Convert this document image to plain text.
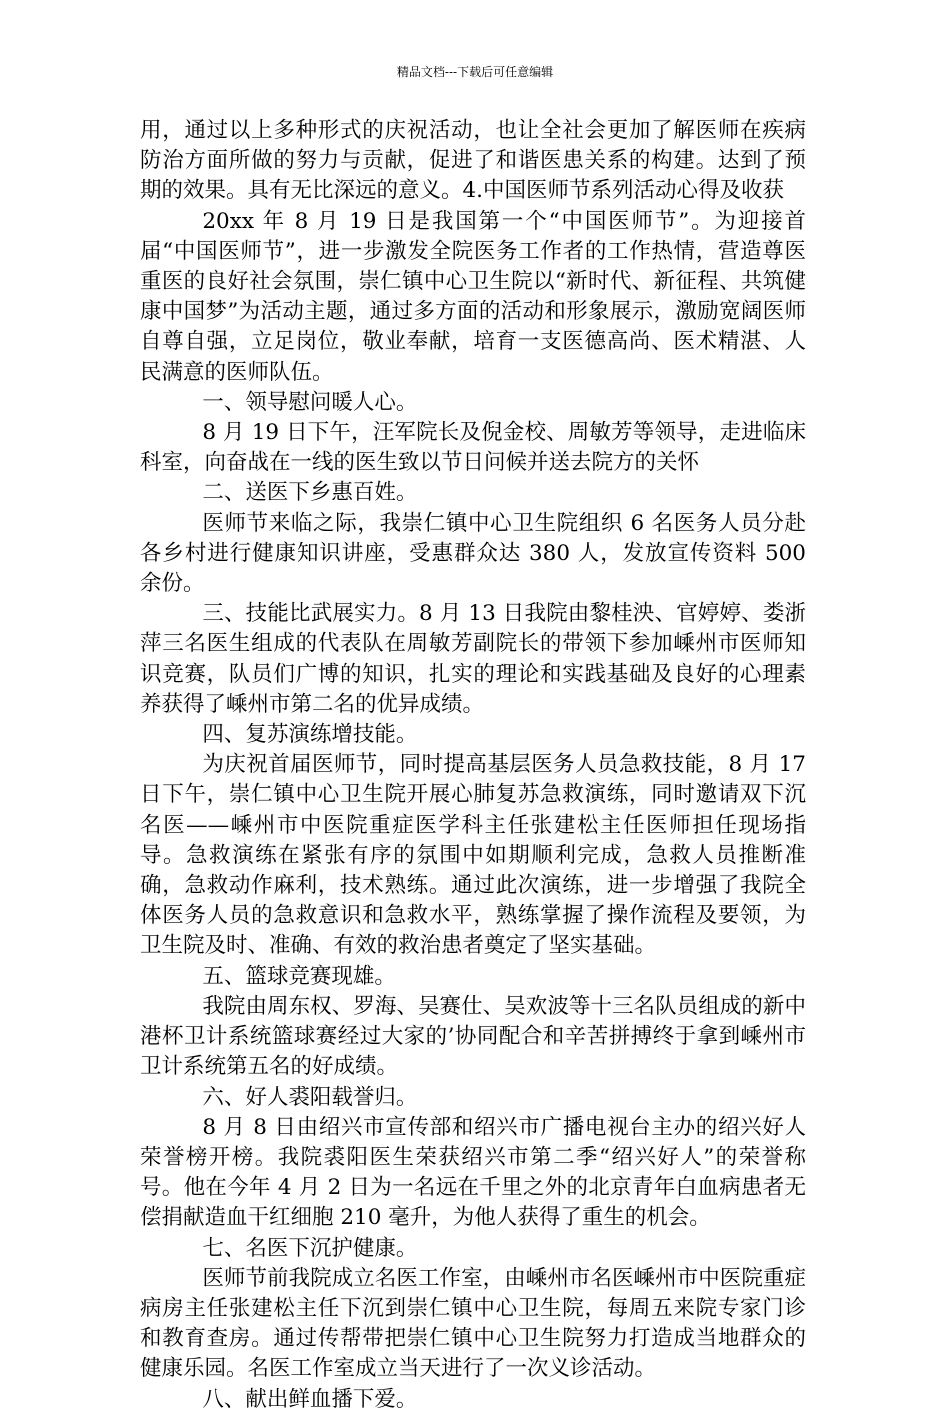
精品文档---下载后可任意编辑

用，通过以上多种形式的庆祝活动，也让全社会更加了解医师在疾病防治方面所做的努力与贡献，促进了和谐医患关系的构建。达到了预期的效果。具有无比深远的意义。4.中国医师节系列活动心得及收获

20xx 年 8 月 19 日是我国第一个“中国医师节”。为迎接首届“中国医师节”，进一步激发全院医务工作者的工作热情，营造尊医重医的良好社会氛围，崇仁镇中心卫生院以“新时代、新征程、共筑健康中国梦”为活动主题，通过多方面的活动和形象展示，激励宽阔医师自尊自强，立足岗位，敬业奉献，培育一支医德高尚、医术精湛、人民满意的医师队伍。

一、领导慰问暖人心。

8 月 19 日下午，汪军院长及倪金校、周敏芳等领导，走进临床科室，向奋战在一线的医生致以节日问候并送去院方的关怀

二、送医下乡惠百姓。

医师节来临之际，我崇仁镇中心卫生院组织 6 名医务人员分赴各乡村进行健康知识讲座，受惠群众达 380 人，发放宣传资料 500 余份。

三、技能比武展实力。8 月 13 日我院由黎桂泱、官婷婷、娄浙萍三名医生组成的代表队在周敏芳副院长的带领下参加嵊州市医师知识竞赛，队员们广博的知识，扎实的理论和实践基础及良好的心理素养获得了嵊州市第二名的优异成绩。

四、复苏演练增技能。

为庆祝首届医师节，同时提高基层医务人员急救技能，8 月 17 日下午，崇仁镇中心卫生院开展心肺复苏急救演练，同时邀请双下沉名医——嵊州市中医院重症医学科主任张建松主任医师担任现场指导。急救演练在紧张有序的氛围中如期顺利完成，急救人员推断准确，急救动作麻利，技术熟练。通过此次演练，进一步增强了我院全体医务人员的急救意识和急救水平，熟练掌握了操作流程及要领，为卫生院及时、准确、有效的救治患者奠定了坚实基础。

五、篮球竞赛现雄。

我院由周东权、罗海、吴赛仕、吴欢波等十三名队员组成的新中港杯卫计系统篮球赛经过大家的’协同配合和辛苦拼搏终于拿到嵊州市卫计系统第五名的好成绩。

六、好人裘阳载誉归。

8 月 8 日由绍兴市宣传部和绍兴市广播电视台主办的绍兴好人荣誉榜开榜。我院裘阳医生荣获绍兴市第二季“绍兴好人”的荣誉称号。他在今年 4 月 2 日为一名远在千里之外的北京青年白血病患者无偿捐献造血干红细胞 210 毫升，为他人获得了重生的机会。

七、名医下沉护健康。

医师节前我院成立名医工作室，由嵊州市名医嵊州市中医院重症病房主任张建松主任下沉到崇仁镇中心卫生院，每周五来院专家门诊和教育查房。通过传帮带把崇仁镇中心卫生院努力打造成当地群众的健康乐园。名医工作室成立当天进行了一次义诊活动。

八、献出鲜血播下爱。
